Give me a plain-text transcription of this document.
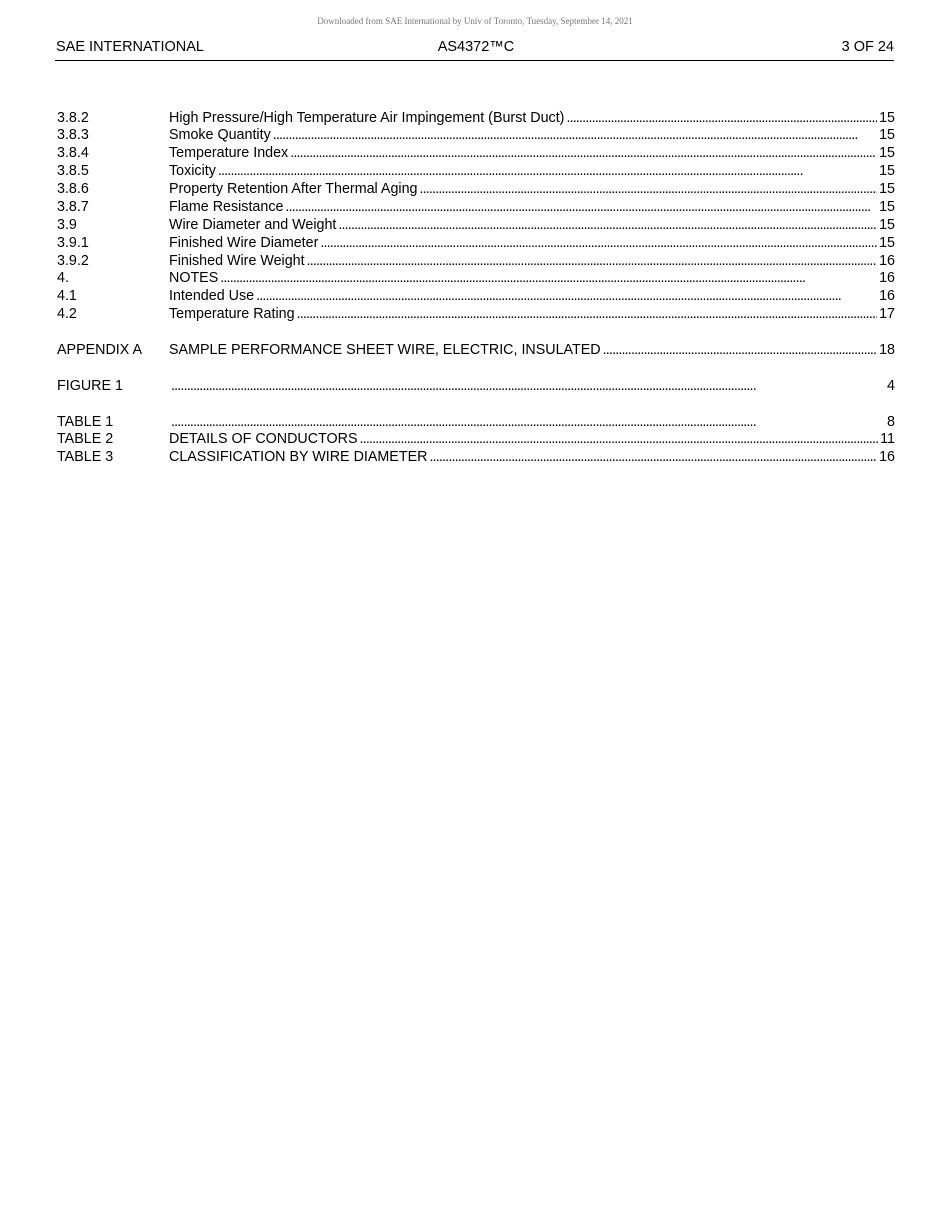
Downloaded from SAE International by Univ of Toronto, Tuesday, September 14, 2021
SAE INTERNATIONAL	AS4372™C	3 OF 24
3.8.2	High Pressure/High Temperature Air Impingement (Burst Duct) . . .	15
3.8.3	Smoke Quantity . . .	15
3.8.4	Temperature Index . . .	15
3.8.5	Toxicity . . .	15
3.8.6	Property Retention After Thermal Aging . . .	15
3.8.7	Flame Resistance . . .	15
3.9	Wire Diameter and Weight . . .	15
3.9.1	Finished Wire Diameter . . .	15
3.9.2	Finished Wire Weight . . .	16
4.	NOTES . . .	16
4.1	Intended Use . . .	16
4.2	Temperature Rating . . .	17
APPENDIX A SAMPLE PERFORMANCE SHEET WIRE, ELECTRIC, INSULATED . . .	18
FIGURE 1 . . .	4
TABLE 1 . . .	8
TABLE 2	DETAILS OF CONDUCTORS . . .	11
TABLE 3	CLASSIFICATION BY WIRE DIAMETER . . .	16
